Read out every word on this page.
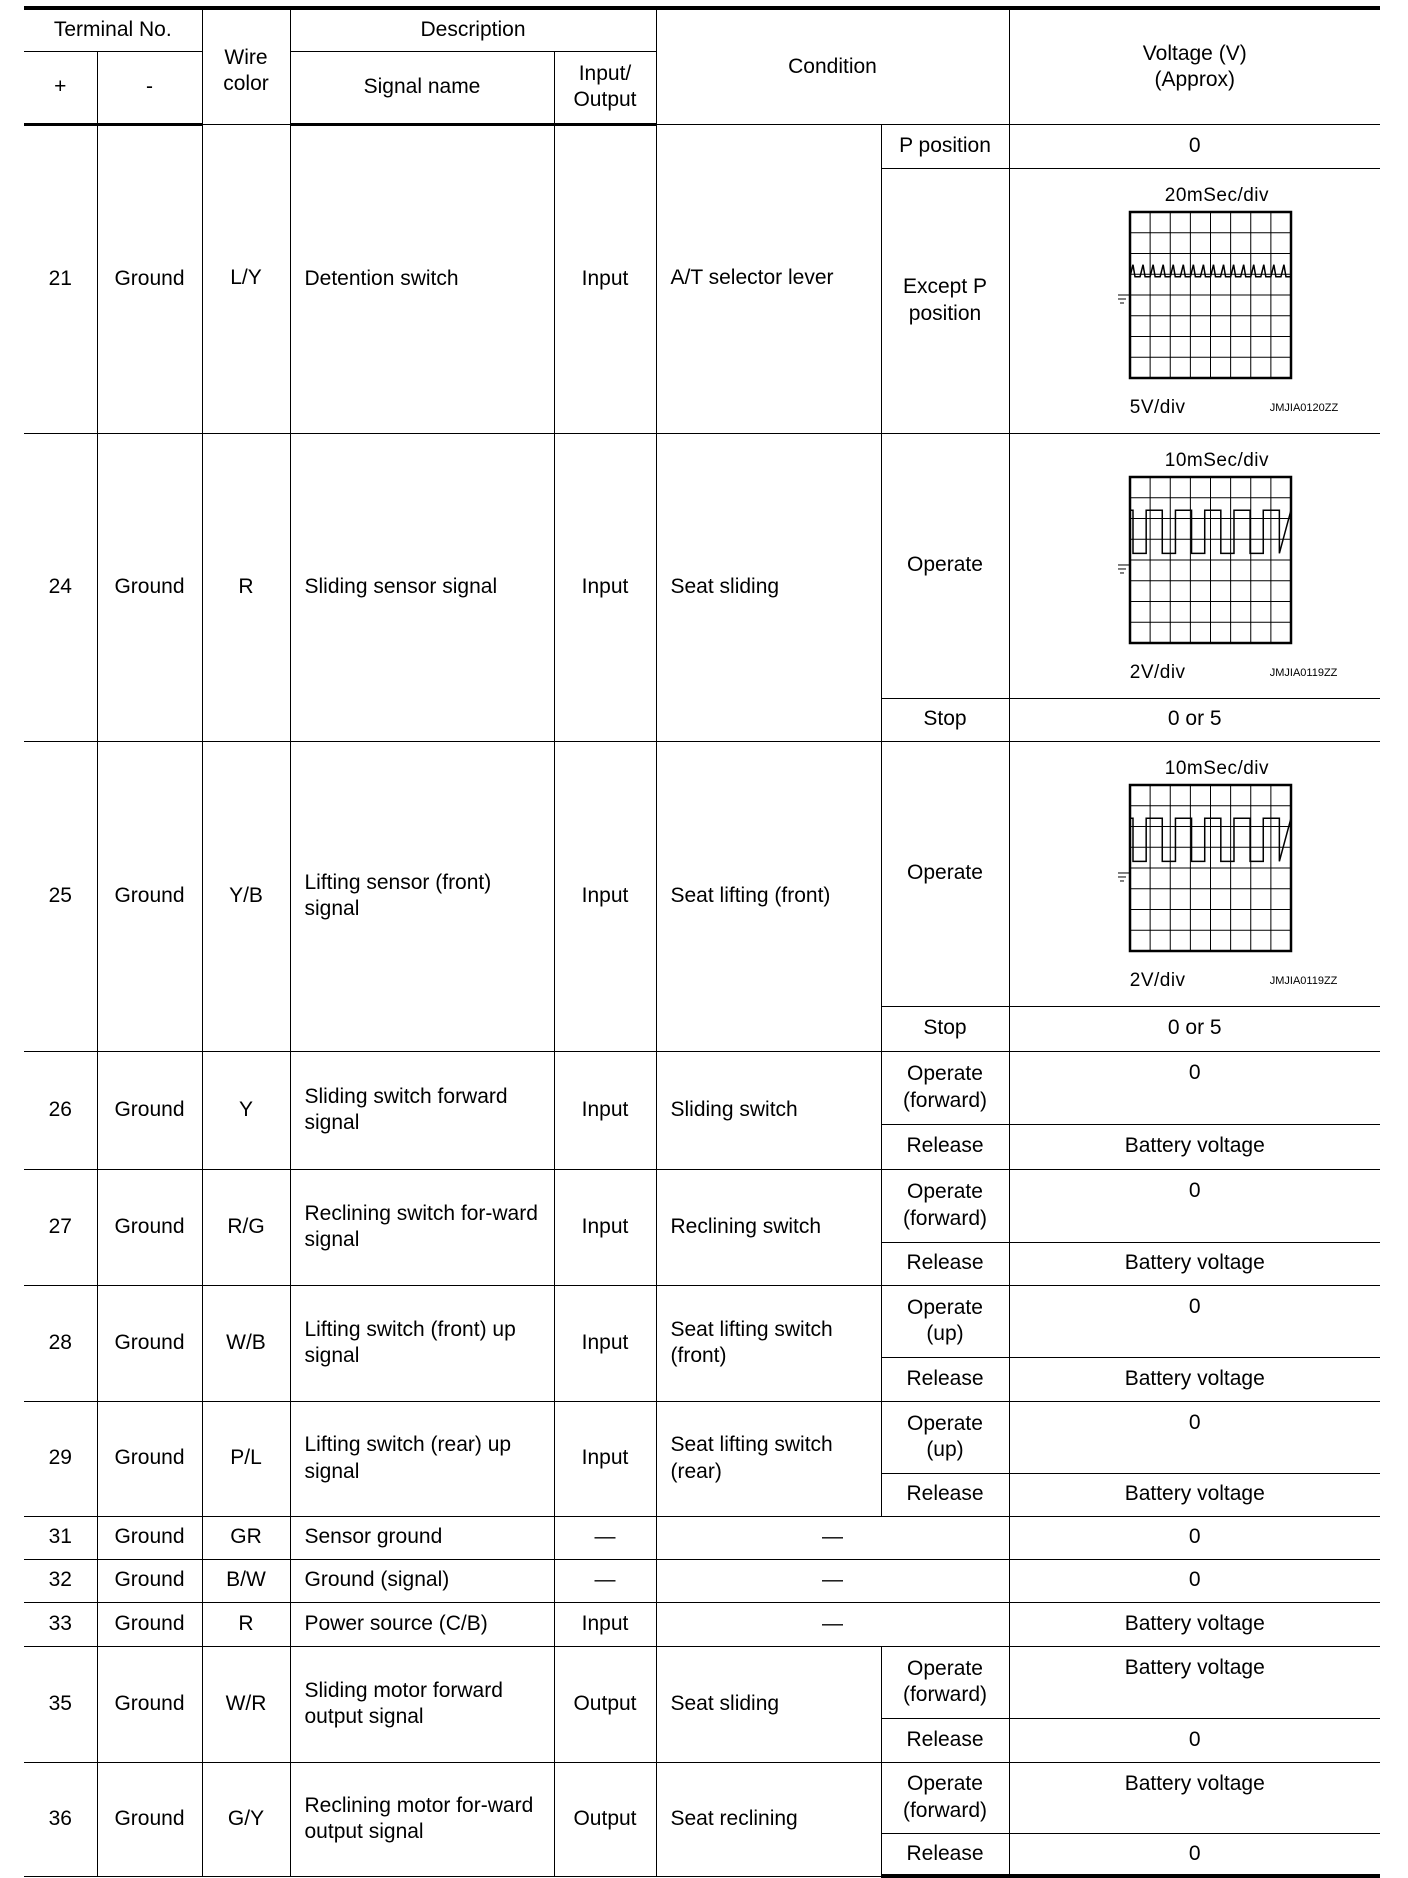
Terminal No.		Wire color	Description		Condition		Voltage (V) (Approx)
+	-		Signal name	Input/ Output			
21	Ground	L/Y	Detention switch	Input	A/T selector lever	P position	0
						Except P position	20mSec/div
5V/div JMJIA0120ZZ

24	Ground	R	Sliding sensor signal	Input	Seat sliding	Operate	10mSec/div
2V/div JMJIA0119ZZ

						Stop	0 or 5
25	Ground	Y/B	Lifting sensor (front) signal	Input	Seat lifting (front)	Operate	10mSec/div
2V/div JMJIA0119ZZ

						Stop	0 or 5
26	Ground	Y	Sliding switch forward signal	Input	Sliding switch	Operate (forward)	0
						Release	Battery voltage
27	Ground	R/G	Reclining switch for-ward signal	Input	Reclining switch	Operate (forward)	0
						Release	Battery voltage
28	Ground	W/B	Lifting switch (front) up signal	Input	Seat lifting switch (front)	Operate (up)	0
						Release	Battery voltage
29	Ground	P/L	Lifting switch (rear) up signal	Input	Seat lifting switch (rear)	Operate (up)	0
						Release	Battery voltage
31	Ground	GR	Sensor ground	—	—		0
32	Ground	B/W	Ground (signal)	—	—		0
33	Ground	R	Power source (C/B)	Input	—		Battery voltage
35	Ground	W/R	Sliding motor forward output signal	Output	Seat sliding	Operate (forward)	Battery voltage
						Release	0
36	Ground	G/Y	Reclining motor for-ward output signal	Output	Seat reclining	Operate (forward)	Battery voltage
						Release	0
